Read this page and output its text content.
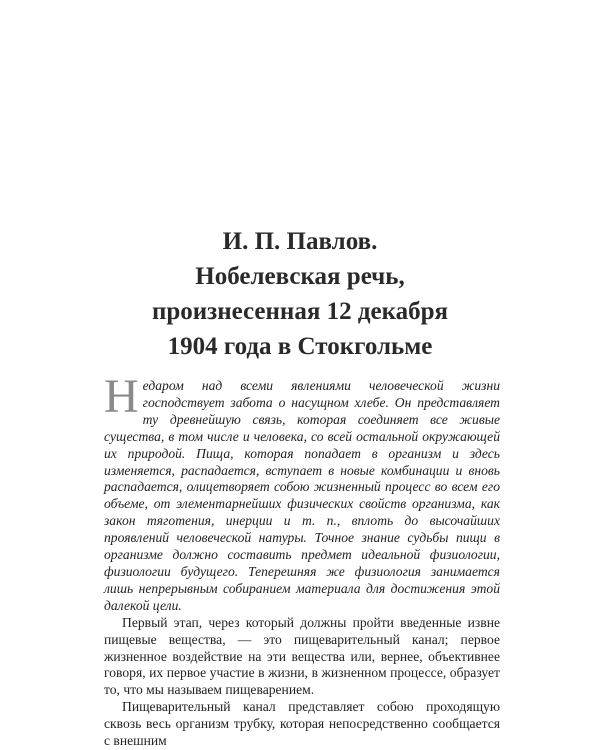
И. П. Павлов.
Нобелевская речь,
произнесенная 12 декабря
1904 года в Стокгольме

Недаром над всеми явлениями человеческой жизни господствует забота о насущном хлебе. Он представляет ту древнейшую связь, которая соединяет все живые существа, в том числе и человека, со всей остальной окружающей их природой. Пища, которая попадает в организм и здесь изменяется, распадается, вступает в новые комбинации и вновь распадается, олицетворяет собою жизненный процесс во всем его объеме, от элементарнейших физических свойств организма, как закон тяготения, инерции и т. п., вплоть до высочайших проявлений человеческой натуры. Точное знание судьбы пищи в организме должно составить предмет идеальной физиологии, физиологии будущего. Теперешняя же физиология занимается лишь непрерывным собиранием материала для достижения этой далекой цели.

Первый этап, через который должны пройти введенные извне пищевые вещества, — это пищеварительный канал; первое жизненное воздействие на эти вещества или, вернее, объективнее говоря, их первое участие в жизни, в жизненном процессе, образует то, что мы называем пищеварением.

Пищеварительный канал представляет собою проходящую сквозь весь организм трубку, которая непосредственно сообщается с внешним
